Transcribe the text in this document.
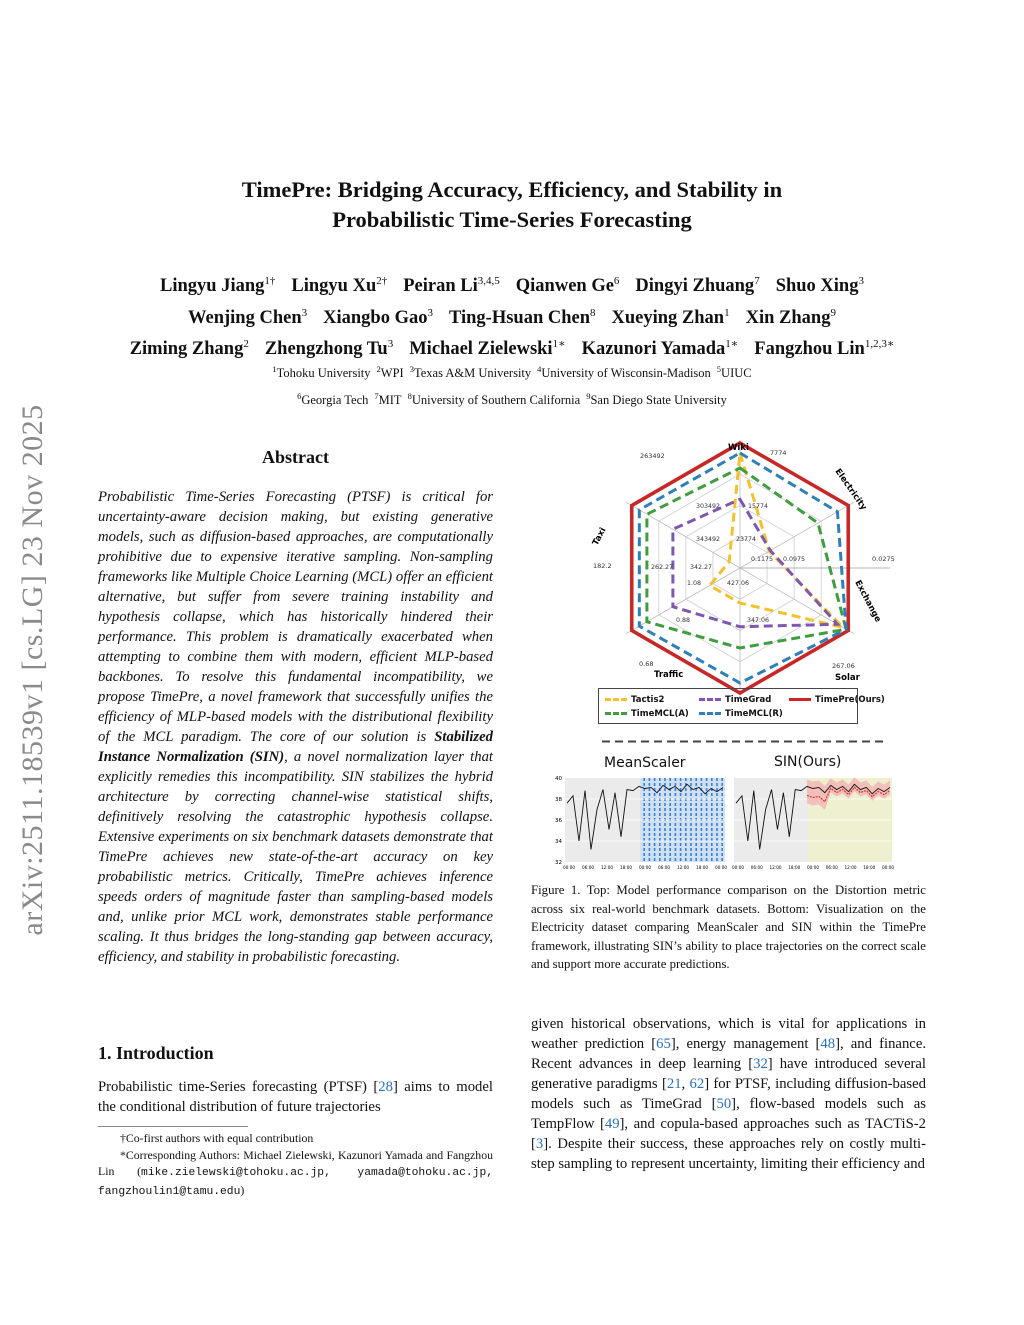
arXiv:2511.18539v1 [cs.LG] 23 Nov 2025
TimePre: Bridging Accuracy, Efficiency, and Stability in
Probabilistic Time-Series Forecasting
Lingyu Jiang$^{1\dagger}$ Lingyu $Xu^{2\dagger}$ Peiran Li$^{3,4,5}$ Qianwen Ge$^6$ Dingyi Zhuang$^7$ Shuo Xing$^3$
Wenjing Chen$^3$ Xiangbo Gao$^3$ Ting-Hsuan Chen$^8$ Xueying Zhan$^1$ Xin Zhang$^9$
Ziming Zhang$^2$ Zhengzhong Tu$^3$ Michael Zielewski$^{1∗}$ Kazunori Yamada$^{1∗}$ Fangzhou Lin$^{1,2,3∗}$
$^1$Tohoku University $^2$WPI $^3$Texas A&M University $^4$University of Wisconsin-Madison $^5$UIUC
$^6$Georgia Tech $^7$MIT $^8$University of Southern California $^9$San Diego State University
Abstract
Probabilistic Time-Series Forecasting (PTSF) is critical for uncertainty-aware decision making, but existing generative models, such as diffusion-based approaches, are computationally prohibitive due to expensive iterative sampling. Non-sampling frameworks like Multiple Choice Learning (MCL) offer an efficient alternative, but suffer from severe training instability and hypothesis collapse, which has historically hindered their performance. This problem is dramatically exacerbated when attempting to combine them with modern, efficient MLP-based backbones. To resolve this fundamental incompatibility, we propose TimePre, a novel framework that successfully unifies the efficiency of MLP-based models with the distributional flexibility of the MCL paradigm. The core of our solution is Stabilized Instance Normalization (SIN), a novel normalization layer that explicitly remedies this incompatibility. SIN stabilizes the hybrid architecture by correcting channel-wise statistical shifts, definitively resolving the catastrophic hypothesis collapse. Extensive experiments on six benchmark datasets demonstrate that TimePre achieves new state-of-the-art accuracy on key probabilistic metrics. Critically, TimePre achieves inference speeds orders of magnitude faster than sampling-based models and, unlike prior MCL work, demonstrates stable performance scaling. It thus bridges the long-standing gap between accuracy, efficiency, and stability in probabilistic forecasting.
1. Introduction
Probabilistic time-Series forecasting (PTSF) [28] aims to model the conditional distribution of future trajectories
†Co-first authors with equal contribution
*Corresponding Authors: Michael Zielewski, Kazunori Yamada and Fangzhou Lin (mike.zielewski@tohoku.ac.jp, yamada@tohoku.ac.jp, fangzhoulin1@tamu.edu)
Wiki
Electricity
Exchange
Solar
Traffic
Taxi
263492	7774
0.0275
267.06
0.68
182.2
343492
303492
23774
15774
0.1175 0.0975
427.06
347.06
1.08
0.88
342.27
262.27
Tactis2	TimeGrad	TimePre(Ours)
TimeMCL(A)	TimeMCL(R)
MeanScaler	SIN(Ours)
40
38
36
34
32
00:00 06:00 12:00 18:00 00:00 06:00 12:00 18:00 00:00 00:00 06:00 12:00 18:00 00:00 06:00 12:00 18:00 00:00
Figure 1. Top: Model performance comparison on the Distortion metric across six real-world benchmark datasets. Bottom: Visualization on the Electricity dataset comparing MeanScaler and SIN within the TimePre framework, illustrating SIN’s ability to place trajectories on the correct scale and support more accurate predictions.
given historical observations, which is vital for applications in weather prediction [65], energy management [48], and finance. Recent advances in deep learning [32] have introduced several generative paradigms [21, 62] for PTSF, including diffusion-based models such as TimeGrad [50], flow-based models such as TempFlow [49], and copula-based approaches such as TACTiS-2 [3]. Despite their success, these approaches rely on costly multi-step sampling to represent uncertainty, limiting their efficiency and
